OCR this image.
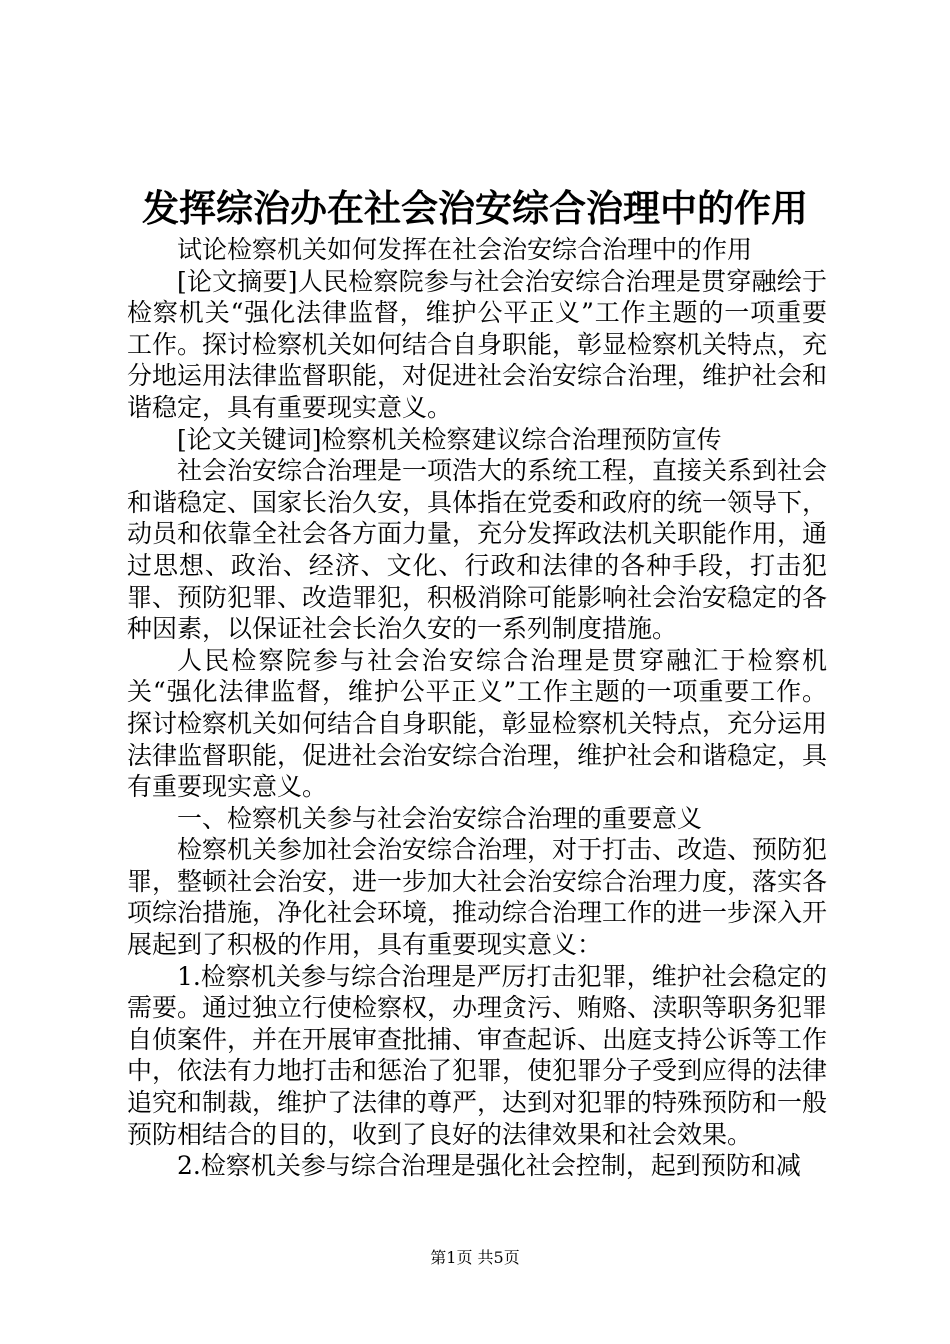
发挥综治办在社会治安综合治理中的作用

试论检察机关如何发挥在社会治安综合治理中的作用

[论文摘要]人民检察院参与社会治安综合治理是贯穿融绘于检察机关“强化法律监督，维护公平正义”工作主题的一项重要工作。探讨检察机关如何结合自身职能，彰显检察机关特点，充分地运用法律监督职能，对促进社会治安综合治理，维护社会和谐稳定，具有重要现实意义。

[论文关键词]检察机关检察建议综合治理预防宣传

社会治安综合治理是一项浩大的系统工程，直接关系到社会和谐稳定、国家长治久安，具体指在党委和政府的统一领导下，动员和依靠全社会各方面力量，充分发挥政法机关职能作用，通过思想、政治、经济、文化、行政和法律的各种手段，打击犯罪、预防犯罪、改造罪犯，积极消除可能影响社会治安稳定的各种因素，以保证社会长治久安的一系列制度措施。

人民检察院参与社会治安综合治理是贯穿融汇于检察机关“强化法律监督，维护公平正义”工作主题的一项重要工作。探讨检察机关如何结合自身职能，彰显检察机关特点，充分运用法律监督职能，促进社会治安综合治理，维护社会和谐稳定，具有重要现实意义。

一、检察机关参与社会治安综合治理的重要意义

检察机关参加社会治安综合治理，对于打击、改造、预防犯罪，整顿社会治安，进一步加大社会治安综合治理力度，落实各项综治措施，净化社会环境，推动综合治理工作的进一步深入开展起到了积极的作用，具有重要现实意义：

1.检察机关参与综合治理是严厉打击犯罪，维护社会稳定的需要。通过独立行使检察权，办理贪污、贿赂、渎职等职务犯罪自侦案件，并在开展审查批捕、审查起诉、出庭支持公诉等工作中，依法有力地打击和惩治了犯罪，使犯罪分子受到应得的法律追究和制裁，维护了法律的尊严，达到对犯罪的特殊预防和一般预防相结合的目的，收到了良好的法律效果和社会效果。

2.检察机关参与综合治理是强化社会控制，起到预防和减

第1页 共5页
